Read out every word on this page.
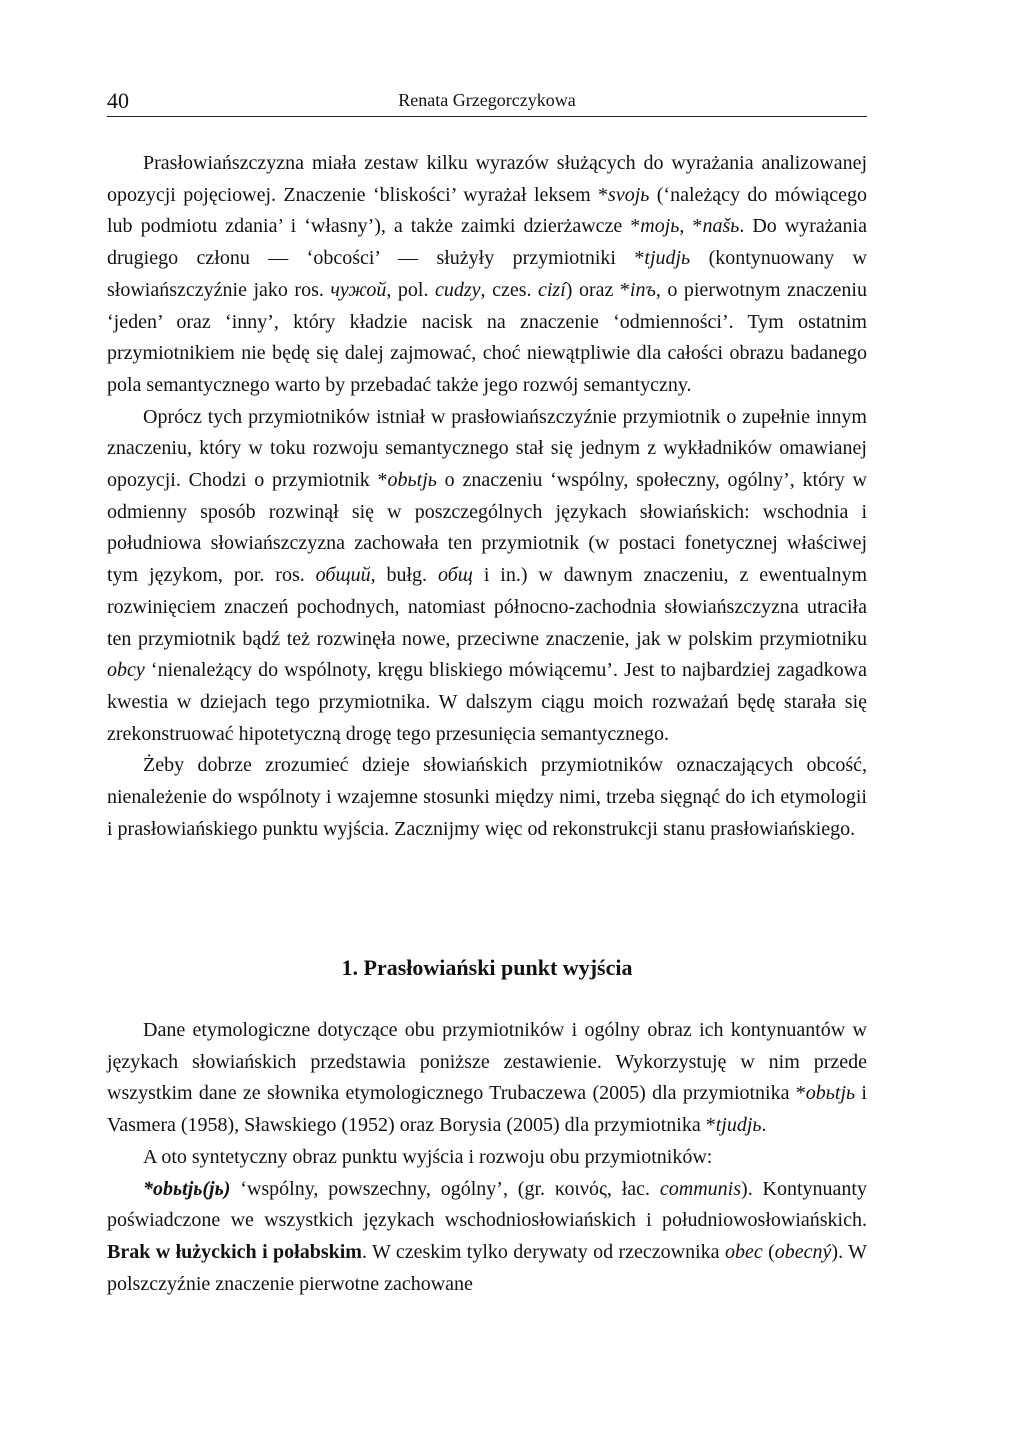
40	Renata Grzegorczykowa

Prasłowiańszczyzna miała zestaw kilku wyrazów służących do wyrażania analizowanej opozycji pojęciowej. Znaczenie ‘bliskości’ wyrażał leksem *svojь (‘należący do mówiącego lub podmiotu zdania’ i ‘własny’), a także zaimki dzierżawcze *mojь, *našь. Do wyrażania drugiego członu — ‘obcości’ — służyły przymiotniki *tjudjь (kontynuowany w słowiańszczyźnie jako ros. чужой, pol. cudzy, czes. cizí) oraz *inъ, o pierwotnym znaczeniu ‘jeden’ oraz ‘inny’, który kładzie nacisk na znaczenie ‘odmienności’. Tym ostatnim przymiotnikiem nie będę się dalej zajmować, choć niewątpliwie dla całości obrazu badanego pola semantycznego warto by przebadać także jego rozwój semantyczny.

Oprócz tych przymiotników istniał w prasłowiańszczyźnie przymiotnik o zupełnie innym znaczeniu, który w toku rozwoju semantycznego stał się jednym z wykładników omawianej opozycji. Chodzi o przymiotnik *obьtjь o znaczeniu ‘wspólny, społeczny, ogólny’, który w odmienny sposób rozwinął się w poszczególnych językach słowiańskich: wschodnia i południowa słowiańszczyzna zachowała ten przymiotnik (w postaci fonetycznej właściwej tym językom, por. ros. общий, bułg. общ i in.) w dawnym znaczeniu, z ewentualnym rozwinięciem znaczeń pochodnych, natomiast północno-zachodnia słowiańszczyzna utraciła ten przymiotnik bądź też rozwinęła nowe, przeciwne znaczenie, jak w polskim przymiotniku obcy ‘nienależący do wspólnoty, kręgu bliskiego mówiącemu’. Jest to najbardziej zagadkowa kwestia w dziejach tego przymiotnika. W dalszym ciągu moich rozważań będę starała się zrekonstruować hipotetyczną drogę tego przesunięcia semantycznego.

Żeby dobrze zrozumieć dzieje słowiańskich przymiotników oznaczających obcość, nienależenie do wspólnoty i wzajemne stosunki między nimi, trzeba sięgnąć do ich etymologii i prasłowiańskiego punktu wyjścia. Zacznijmy więc od rekonstrukcji stanu prasłowiańskiego.

1. Prasłowiański punkt wyjścia

Dane etymologiczne dotyczące obu przymiotników i ogólny obraz ich kontynuantów w językach słowiańskich przedstawia poniższe zestawienie. Wykorzystuję w nim przede wszystkim dane ze słownika etymologicznego Trubaczewa (2005) dla przymiotnika *obьtjь i Vasmera (1958), Sławskiego (1952) oraz Borysia (2005) dla przymiotnika *tjudjь.

A oto syntetyczny obraz punktu wyjścia i rozwoju obu przymiotników:

*obьtjь(jь) ‘wspólny, powszechny, ogólny’, (gr. κοινός, łac. communis). Kontynuanty poświadczone we wszystkich językach wschodniosłowiańskich i południowosłowiańskich. Brak w łużyckich i połabskim. W czeskim tylko derywaty od rzeczownika obec (obecný). W polszczyźnie znaczenie pierwotne zachowane
